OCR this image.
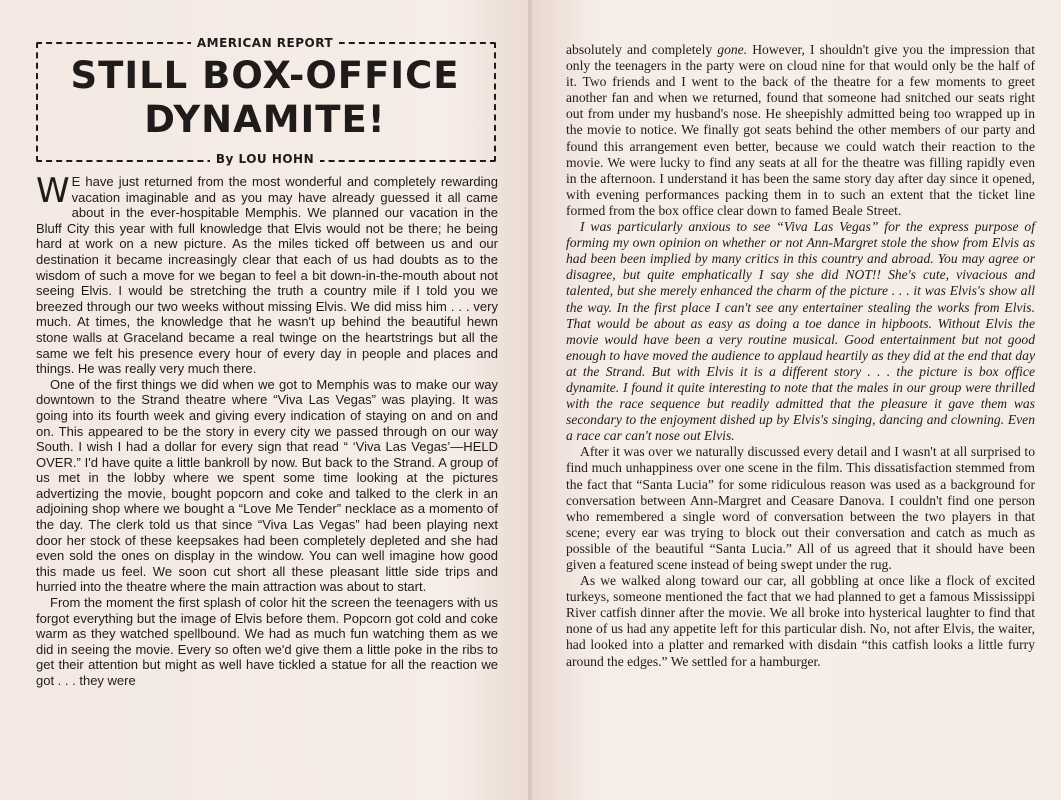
AMERICAN REPORT
STILL BOX-OFFICE
DYNAMITE!
By LOU HOHN

W E have just returned from the most wonderful and completely rewarding vacation imaginable and as you may have already guessed it all came about in the ever-hospitable Memphis. We planned our vacation in the Bluff City this year with full knowledge that Elvis would not be there; he being hard at work on a new picture. As the miles ticked off between us and our destination it became increasingly clear that each of us had doubts as to the wisdom of such a move for we began to feel a bit down-in-the-mouth about not seeing Elvis. I would be stretching the truth a country mile if I told you we breezed through our two weeks without missing Elvis. We did miss him . . . very much. At times, the knowledge that he wasn't up behind the beautiful hewn stone walls at Graceland became a real twinge on the heartstrings but all the same we felt his presence every hour of every day in people and places and things. He was really very much there.

One of the first things we did when we got to Memphis was to make our way downtown to the Strand theatre where “Viva Las Vegas” was playing. It was going into its fourth week and giving every indication of staying on and on and on. This appeared to be the story in every city we passed through on our way South. I wish I had a dollar for every sign that read “ ‘Viva Las Vegas’—HELD OVER.” I'd have quite a little bankroll by now. But back to the Strand. A group of us met in the lobby where we spent some time looking at the pictures advertizing the movie, bought popcorn and coke and talked to the clerk in an adjoining shop where we bought a “Love Me Tender” necklace as a momento of the day. The clerk told us that since “Viva Las Vegas” had been playing next door her stock of these keepsakes had been completely depleted and she had even sold the ones on display in the window. You can well imagine how good this made us feel. We soon cut short all these pleasant little side trips and hurried into the theatre where the main attraction was about to start.

From the moment the first splash of color hit the screen the teenagers with us forgot everything but the image of Elvis before them. Popcorn got cold and coke warm as they watched spellbound. We had as much fun watching them as we did in seeing the movie. Every so often we'd give them a little poke in the ribs to get their attention but might as well have tickled a statue for all the reaction we got . . . they were

absolutely and completely gone. However, I shouldn't give you the impression that only the teenagers in the party were on cloud nine for that would only be the half of it. Two friends and I went to the back of the theatre for a few moments to greet another fan and when we returned, found that someone had snitched our seats right out from under my husband's nose. He sheepishly admitted being too wrapped up in the movie to notice. We finally got seats behind the other members of our party and found this arrangement even better, because we could watch their reaction to the movie. We were lucky to find any seats at all for the theatre was filling rapidly even in the afternoon. I understand it has been the same story day after day since it opened, with evening performances packing them in to such an extent that the ticket line formed from the box office clear down to famed Beale Street.

I was particularly anxious to see “Viva Las Vegas” for the express purpose of forming my own opinion on whether or not Ann-Margret stole the show from Elvis as had been been implied by many critics in this country and abroad. You may agree or disagree, but quite emphatically I say she did NOT!! She's cute, vivacious and talented, but she merely enhanced the charm of the picture . . . it was Elvis's show all the way. In the first place I can't see any entertainer stealing the works from Elvis. That would be about as easy as doing a toe dance in hipboots. Without Elvis the movie would have been a very routine musical. Good entertainment but not good enough to have moved the audience to applaud heartily as they did at the end that day at the Strand. But with Elvis it is a different story . . . the picture is box office dynamite. I found it quite interesting to note that the males in our group were thrilled with the race sequence but readily admitted that the pleasure it gave them was secondary to the enjoyment dished up by Elvis's singing, dancing and clowning. Even a race car can't nose out Elvis.

After it was over we naturally discussed every detail and I wasn't at all surprised to find much unhappiness over one scene in the film. This dissatisfaction stemmed from the fact that “Santa Lucia” for some ridiculous reason was used as a background for conversation between Ann-Margret and Ceasare Danova. I couldn't find one person who remembered a single word of conversation between the two players in that scene; every ear was trying to block out their conversation and catch as much as possible of the beautiful “Santa Lucia.” All of us agreed that it should have been given a featured scene instead of being swept under the rug.

As we walked along toward our car, all gobbling at once like a flock of excited turkeys, someone mentioned the fact that we had planned to get a famous Mississippi River catfish dinner after the movie. We all broke into hysterical laughter to find that none of us had any appetite left for this particular dish. No, not after Elvis, the waiter, had looked into a platter and remarked with disdain “this catfish looks a little furry around the edges.” We settled for a hamburger.
